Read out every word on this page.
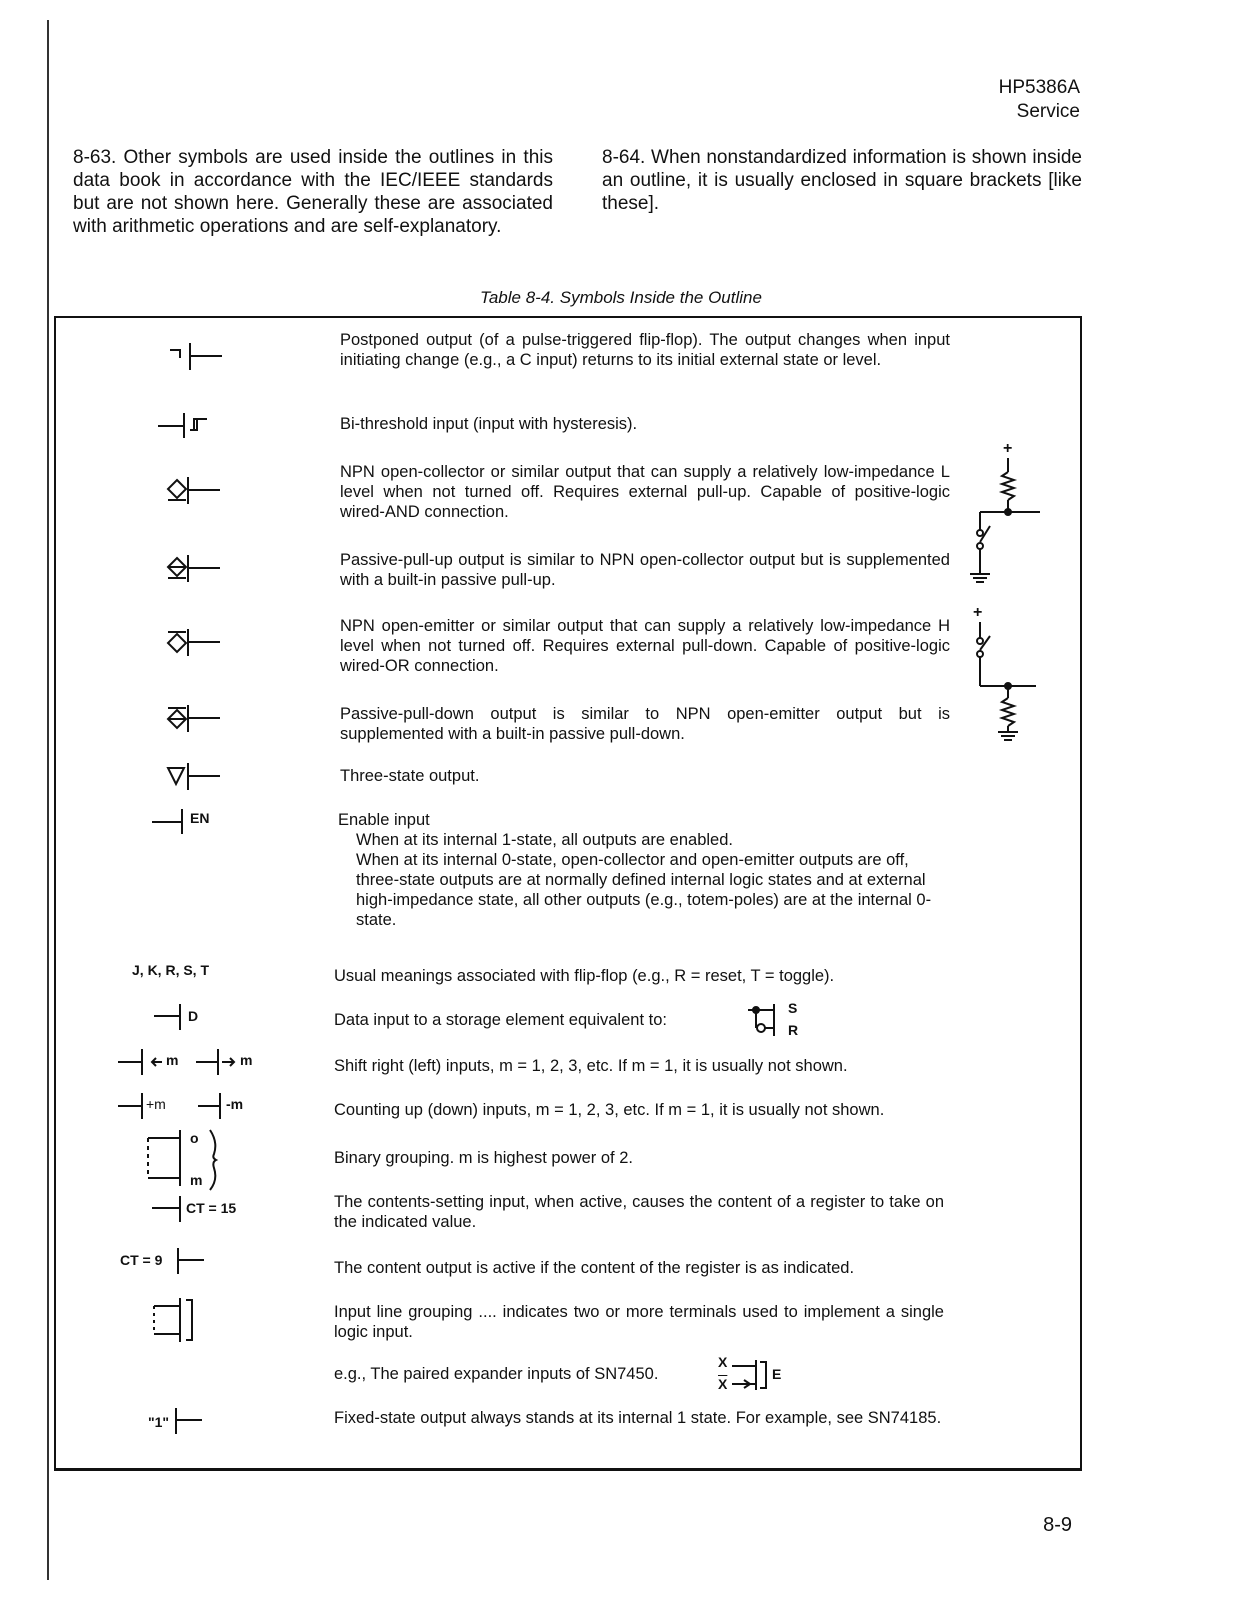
HP5386A
Service
8-63. Other symbols are used inside the outlines in this data book in accordance with the IEC/IEEE standards but are not shown here. Generally these are associated with arithmetic operations and are self-explanatory.
8-64. When nonstandardized information is shown inside an outline, it is usually enclosed in square brackets [like these].
Table 8-4. Symbols Inside the Outline
Postponed output (of a pulse-triggered flip-flop). The output changes when input initiating change (e.g., a C input) returns to its initial external state or level.
Bi-threshold input (input with hysteresis).
NPN open-collector or similar output that can supply a relatively low-impedance L level when not turned off. Requires external pull-up. Capable of positive-logic wired-AND connection.
Passive-pull-up output is similar to NPN open-collector output but is supplemented with a built-in passive pull-up.
NPN open-emitter or similar output that can supply a relatively low-impedance H level when not turned off. Requires external pull-down. Capable of positive-logic wired-OR connection.
Passive-pull-down output is similar to NPN open-emitter output but is supplemented with a built-in passive pull-down.
Three-state output.
EN	Enable input
When at its internal 1-state, all outputs are enabled.
When at its internal 0-state, open-collector and open-emitter outputs are off, three-state outputs are at normally defined internal logic states and at external high-impedance state, all other outputs (e.g., totem-poles) are at the internal 0-state.
J, K, R, S, T	Usual meanings associated with flip-flop (e.g., R = reset, T = toggle).
D	Data input to a storage element equivalent to:
S
R
m	m	Shift right (left) inputs, m = 1, 2, 3, etc. If m = 1, it is usually not shown.
+m	-m	Counting up (down) inputs, m = 1, 2, 3, etc. If m = 1, it is usually not shown.
o
m
Binary grouping. m is highest power of 2.
CT = 15	The contents-setting input, when active, causes the content of a register to take on the indicated value.
CT = 9	The content output is active if the content of the register is as indicated.
Input line grouping .... indicates two or more terminals used to implement a single logic input.
e.g., The paired expander inputs of SN7450.
X
$\overline{X}$
E
"1"	Fixed-state output always stands at its internal 1 state. For example, see SN74185.
+
+
8-9
